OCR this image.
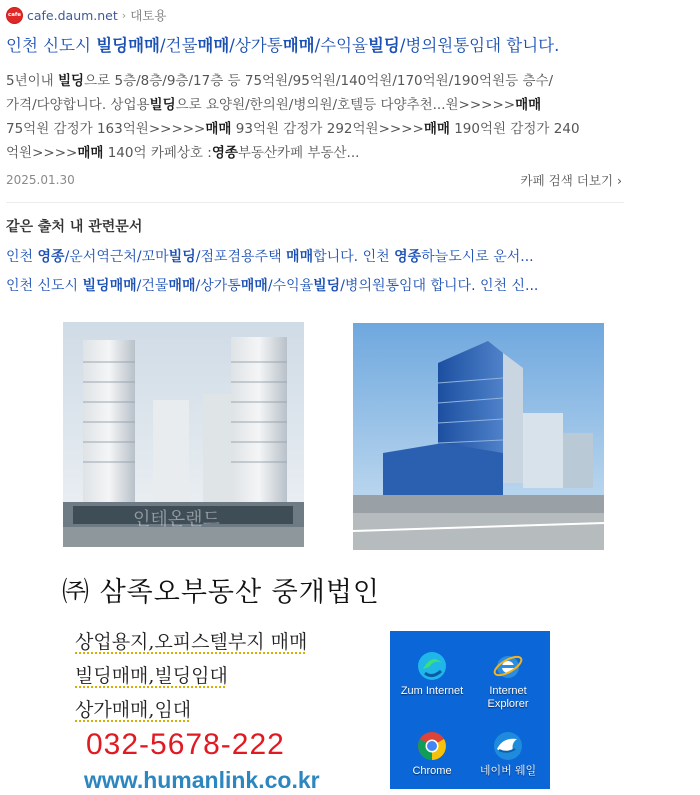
cafe cafe.daum.net › 대토용
인천 신도시 빌딩매매/건물매매/상가통매매/수익율빌딩/병의원통임대 합니다.
5년이내 빌딩으로 5층/8층/9층/17층 등 75억원/95억원/140억원/170억원/190억원등 층수/
가격/다양합니다. 상업용빌딩으로 요양원/한의원/병의원/호텔등 다양추천...원>>>>>매매
75억원 감정가 163억원>>>>>매매 93억원 감정가 292억원>>>>매매 190억원 감정가 240
억원>>>>매매 140억 카페상호 :영종부동산카페 부동산...
2025.01.30	카페 검색 더보기 ›
같은 출처 내 관련문서
인천 영종/운서역근처/꼬마빌딩/점포겸용주택 매매합니다. 인천 영종하늘도시로 운서...
인천 신도시 빌딩매매/건물매매/상가통매매/수익율빌딩/병의원통임대 합니다. 인천 신...
인테온랜드
㈜ 삼족오부동산 중개법인
상업용지,오피스텔부지 매매
빌딩매매,빌딩임대
상가매매,임대
032-5678-222
www.humanlink.co.kr
Zum Internet	Internet Explorer
Chrome	네이버 웨일
